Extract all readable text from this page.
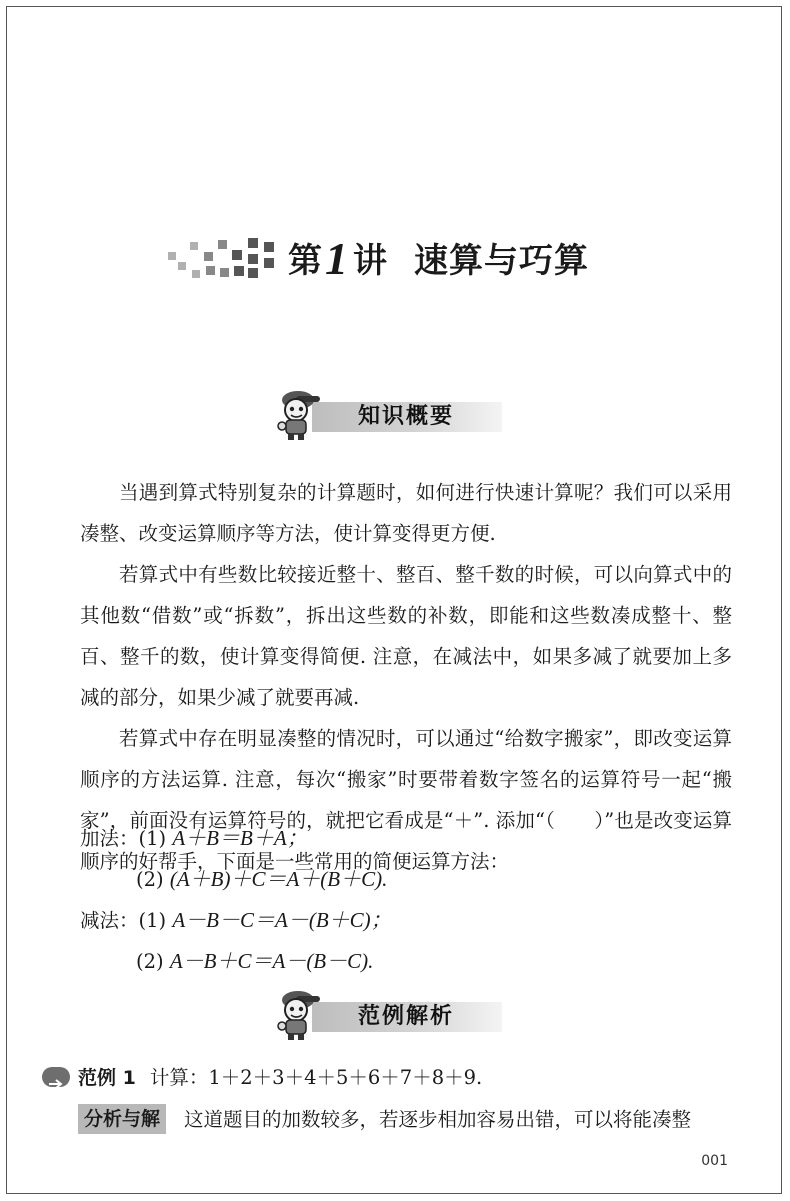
第1 讲 速算与巧算
知识概要

当遇到算式特别复杂的计算题时，如何进行快速计算呢？我们可以采用凑整、改变运算顺序等方法，使计算变得更方便.

若算式中有些数比较接近整十、整百、整千数的时候，可以向算式中的其他数“借数”或“拆数”，拆出这些数的补数，即能和这些数凑成整十、整百、整千的数，使计算变得简便. 注意，在减法中，如果多减了就要加上多减的部分，如果少减了就要再减.

若算式中存在明显凑整的情况时，可以通过“给数字搬家”，即改变运算顺序的方法运算. 注意，每次“搬家”时要带着数字签名的运算符号一起“搬家”，前面没有运算符号的，就把它看成是“＋”. 添加“（　　）”也是改变运算顺序的好帮手，下面是一些常用的简便运算方法：

加法：(1) A＋B＝B＋A；
(2) (A＋B)＋C＝A＋(B＋C).
减法：(1) A－B－C＝A－(B＋C)；
(2) A－B＋C＝A－(B－C).
范例解析
范例 1 计算：1＋2＋3＋4＋5＋6＋7＋8＋9.
分析与解 这道题目的加数较多，若逐步相加容易出错，可以将能凑整
001
